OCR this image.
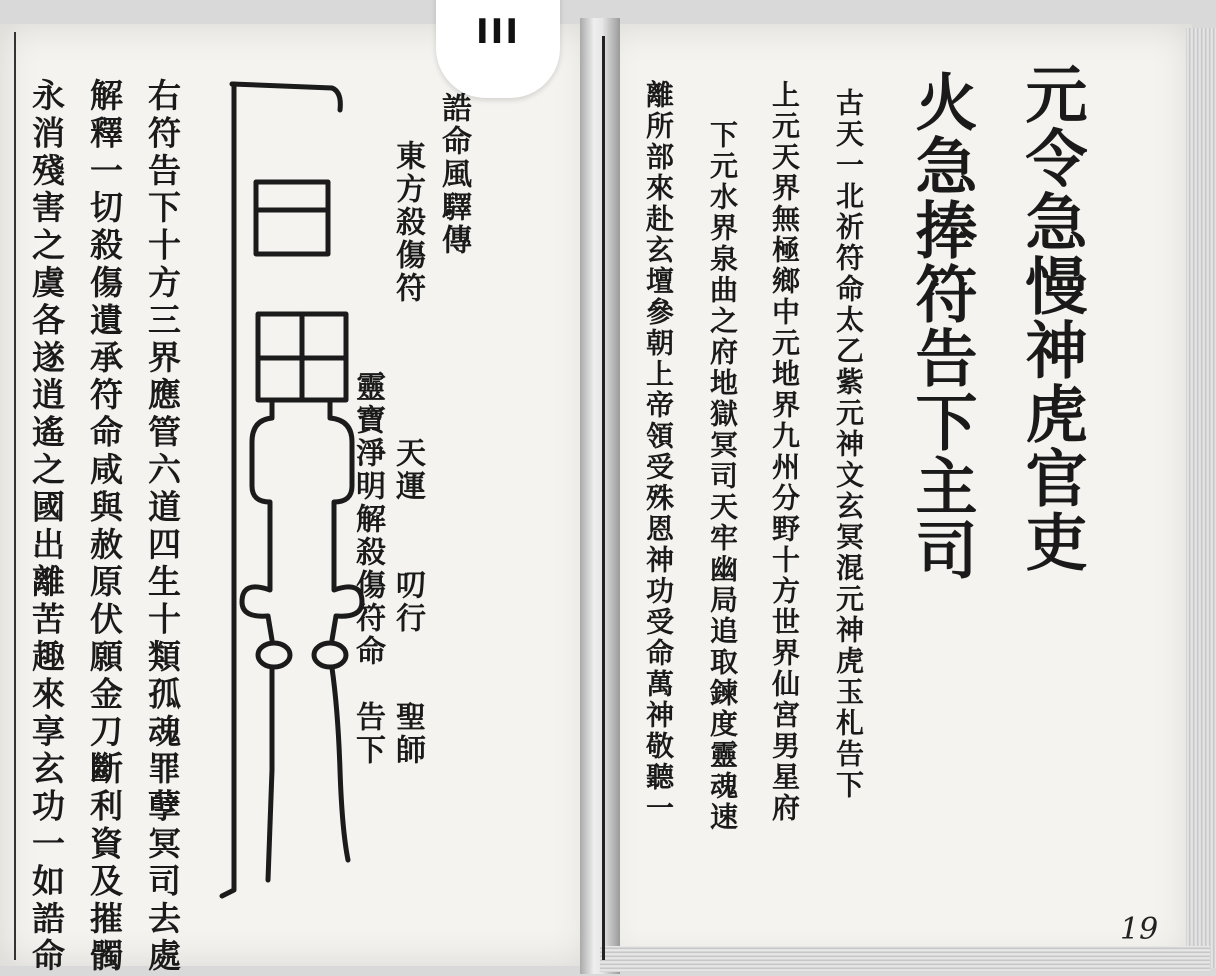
右符告下十方三界應管六道四生十類孤魂罪孽冥司去處
解釋一切殺傷遺承符命咸與赦原伏願金刀斷利資及摧髑
永消殘害之虞各遂逍遙之國出離苦趣來享玄功一如誥命	誥命風驛傳
東方殺傷符　　　　天運　　叨行　　聖師
　　　　　　　靈寶淨明解殺傷符命　告下
III
元令急慢神虎官吏
火急捧符告下主司
古天一北祈符命太乙紫元神文玄冥混元神虎玉札告下
上元天界無極鄉中元地界九州分野十方世界仙宮男星府
下元水界泉曲之府地獄冥司天牢幽局追取鍊度靈魂速
離所部來赴玄壇參朝上帝領受殊恩神功受命萬神敬聽一
19
